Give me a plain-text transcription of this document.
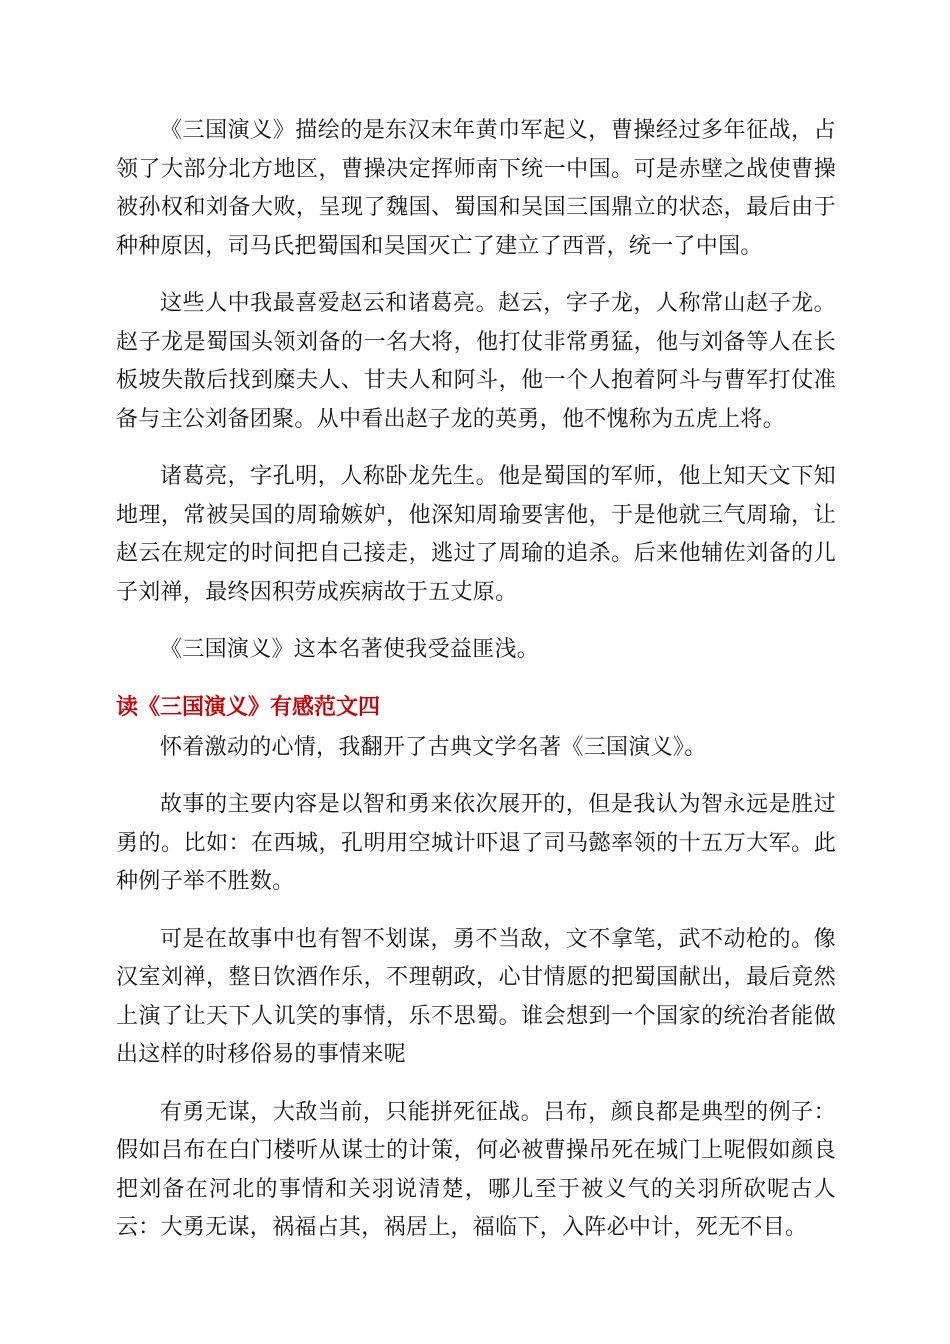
《三国演义》描绘的是东汉末年黄巾军起义，曹操经过多年征战，占领了大部分北方地区，曹操决定挥师南下统一中国。可是赤壁之战使曹操被孙权和刘备大败，呈现了魏国、蜀国和吴国三国鼎立的状态，最后由于种种原因，司马氏把蜀国和吴国灭亡了建立了西晋，统一了中国。

这些人中我最喜爱赵云和诸葛亮。赵云，字子龙，人称常山赵子龙。赵子龙是蜀国头领刘备的一名大将，他打仗非常勇猛，他与刘备等人在长板坡失散后找到糜夫人、甘夫人和阿斗，他一个人抱着阿斗与曹军打仗准备与主公刘备团聚。从中看出赵子龙的英勇，他不愧称为五虎上将。

诸葛亮，字孔明，人称卧龙先生。他是蜀国的军师，他上知天文下知地理，常被吴国的周瑜嫉妒，他深知周瑜要害他，于是他就三气周瑜，让赵云在规定的时间把自己接走，逃过了周瑜的追杀。后来他辅佐刘备的儿子刘禅，最终因积劳成疾病故于五丈原。

《三国演义》这本名著使我受益匪浅。

读《三国演义》有感范文四

怀着激动的心情，我翻开了古典文学名著《三国演义》。

故事的主要内容是以智和勇来依次展开的，但是我认为智永远是胜过勇的。比如：在西城，孔明用空城计吓退了司马懿率领的十五万大军。此种例子举不胜数。

可是在故事中也有智不划谋，勇不当敌，文不拿笔，武不动枪的。像汉室刘禅，整日饮酒作乐，不理朝政，心甘情愿的把蜀国献出，最后竟然上演了让天下人讥笑的事情，乐不思蜀。谁会想到一个国家的统治者能做出这样的时移俗易的事情来呢

有勇无谋，大敌当前，只能拼死征战。吕布，颜良都是典型的例子：假如吕布在白门楼听从谋士的计策，何必被曹操吊死在城门上呢假如颜良把刘备在河北的事情和关羽说清楚，哪儿至于被义气的关羽所砍呢古人云：大勇无谋，祸福占其，祸居上，福临下，入阵必中计，死无不目。
